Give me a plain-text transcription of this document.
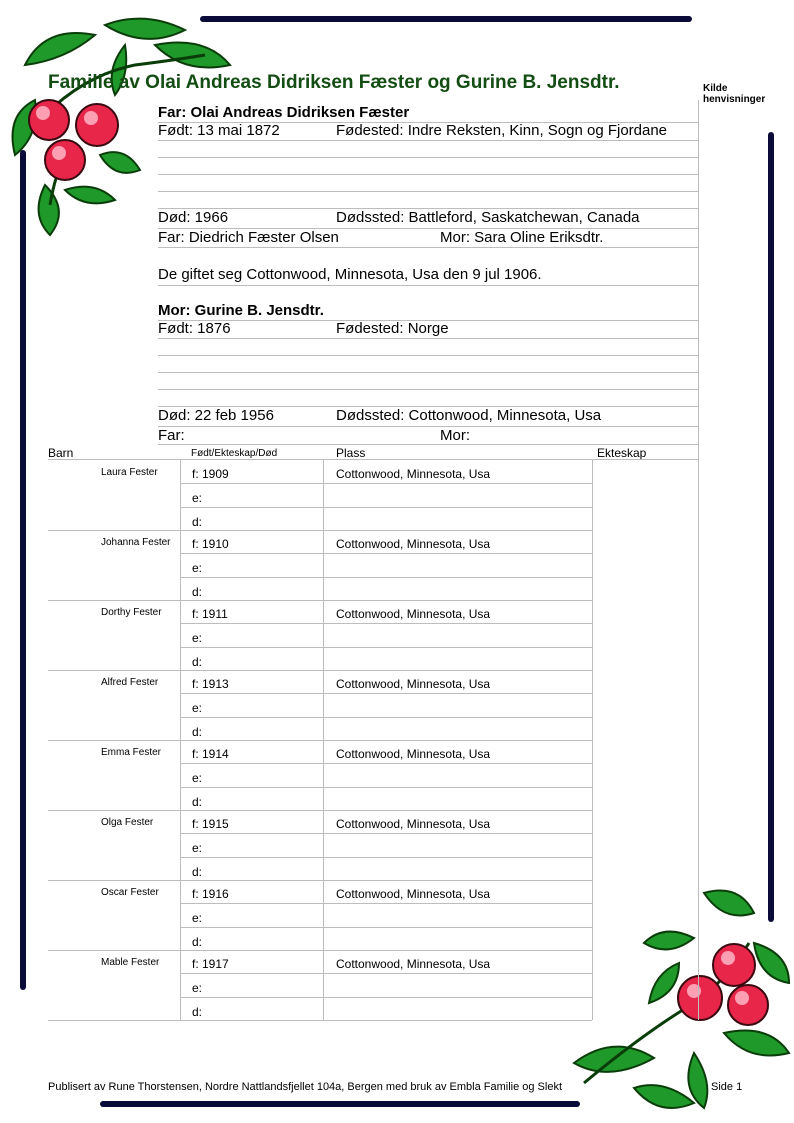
Familie av Olai Andreas Didriksen Fæster og Gurine B. Jensdtr.	Kilde
henvisninger
Far: Olai Andreas Didriksen Fæster
Født: 13 mai 1872	Fødested: Indre Reksten, Kinn, Sogn og Fjordane
Død: 1966	Dødssted: Battleford, Saskatchewan, Canada
Far: Diedrich Fæster Olsen	Mor: Sara Oline Eriksdtr.
De giftet seg Cottonwood, Minnesota, Usa den 9 jul 1906.
Mor: Gurine B. Jensdtr.
Født: 1876	Fødested: Norge
Død: 22 feb 1956	Dødssted: Cottonwood, Minnesota, Usa
Far:	Mor:
Barn	Født/Ekteskap/Død	Plass	Ekteskap
Laura Fester	f: 1909	Cottonwood, Minnesota, Usa
e:
d:
Johanna Fester f: 1910	Cottonwood, Minnesota, Usa
e:
d:
Dorthy Fester	f: 1911	Cottonwood, Minnesota, Usa
e:
d:
Alfred Fester	f: 1913	Cottonwood, Minnesota, Usa
e:
d:
Emma Fester	f: 1914	Cottonwood, Minnesota, Usa
e:
d:
Olga Fester	f: 1915	Cottonwood, Minnesota, Usa
e:
d:
Oscar Fester	f: 1916	Cottonwood, Minnesota, Usa
e:
d:
Mable Fester	f: 1917	Cottonwood, Minnesota, Usa
e:
d:
Publisert av Rune Thorstensen, Nordre Nattlandsfjellet 104a, Bergen med bruk av Embla Familie og Slekt	Side 1
